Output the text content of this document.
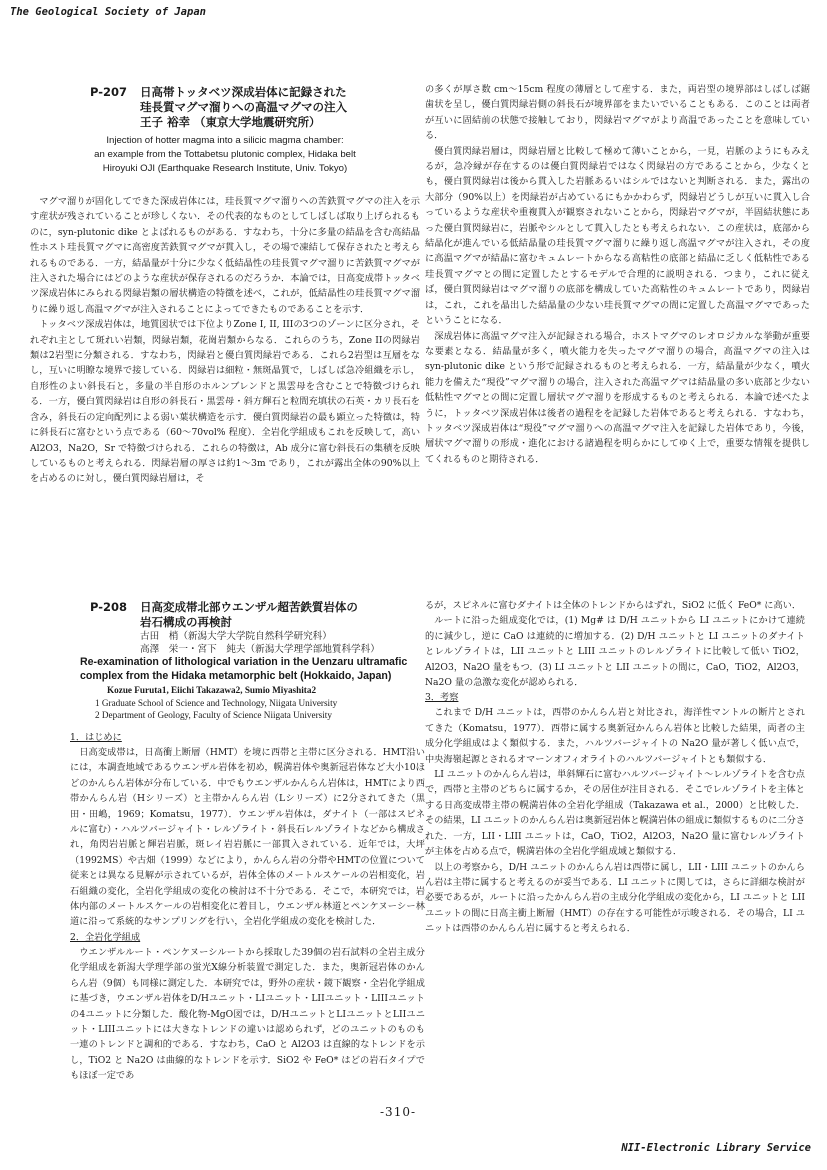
The Geological Society of Japan

P-207 日高帯トッタベツ深成岩体に記録された

珪長質マグマ溜りへの高温マグマの注入

王子 裕幸 （東京大学地震研究所）

Injection of hotter magma into a silicic magma chamber:

an example from the Tottabetsu plutonic complex, Hidaka belt

Hiroyuki OJI (Earthquake Research Institute, Univ. Tokyo)

マグマ溜りが固化してできた深成岩体には，珪長質マグマ溜りへの苦鉄質マグマの注入を示す産状が残されていることが珍しくない．その代表的なものとしてしばしば取り上げられるものに，syn-plutonic dike とよばれるものがある．すなわち，十分に多量の結晶を含む高結晶性ホスト珪長質マグマに高密度苦鉄質マグマが貫入し，その場で凍結して保存されたと考えられるものである．一方，結晶量が十分に少なく低結晶性の珪長質マグマ溜りに苦鉄質マグマが注入された場合にはどのような産状が保存されるのだろうか．本論では，日高変成帯トッタベツ深成岩体にみられる閃緑岩類の層状構造の特徴を述べ，これが，低結晶性の珪長質マグマ溜りに繰り返し高温マグマが注入されることによってできたものであることを示す．

トッタベツ深成岩体は，地質図状では下位よりZone I, II, IIIの3つのゾーンに区分され，それぞれ主として斑れい岩類，閃緑岩類，花崗岩類からなる．これらのうち，Zone IIの閃緑岩類は2岩型に分類される．すなわち，閃緑岩と優白質閃緑岩である．これら2岩型は互層をなし，互いに明瞭な境界で接している．閃緑岩は細粒・無斑晶質で，しばしば急冷組織を示し，自形性のよい斜長石と，多量の半自形のホルンブレンドと黒雲母を含むことで特徴づけられる．一方，優白質閃緑岩は自形の斜長石・黒雲母・斜方輝石と粒間充填状の石英・カリ長石を含み，斜長石の定向配列による弱い葉状構造を示す．優白質閃緑岩の最も顕立った特徴は，特に斜長石に富むという点である（60〜70vol% 程度）．全岩化学組成もこれを反映して，高い Al2O3，Na2O，Sr で特徴づけられる．これらの特徴は，Ab 成分に富む斜長石の集積を反映しているものと考えられる．閃緑岩層の厚さは約1〜3m であり，これが露出全体の90%以上を占めるのに対し，優白質閃緑岩層は，そ

の多くが厚さ数 cm〜15cm 程度の薄層として産する．また，両岩型の境界部はしばしば鋸歯状を呈し，優白質閃緑岩側の斜長石が境界部をまたいでいることもある．このことは両者が互いに固結前の状態で接触しており，閃緑岩マグマがより高温であったことを意味している．

優白質閃緑岩層は，閃緑岩層と比較して極めて薄いことから，一見，岩脈のようにもみえるが，急冷縁が存在するのは優白質閃緑岩ではなく閃緑岩の方であることから，少なくとも，優白質閃緑岩は後から貫入した岩脈あるいはシルではないと判断される．また，露出の大部分（90%以上）を閃緑岩が占めているにもかかわらず，閃緑岩どうしが互いに貫入し合っているような産状や重複貫入が観察されないことから，閃緑岩マグマが，半固結状態にあった優白質閃緑岩に，岩脈やシルとして貫入したとも考えられない．この産状は，底部から結晶化が進んでいる低結晶量の珪長質マグマ溜りに繰り返し高温マグマが注入され，その度に高温マグマが結晶に富むキュムレートからなる高粘性の底部と結晶に乏しく低粘性である珪長質マグマとの間に定置したとするモデルで合理的に説明される．つまり，これに従えば，優白質閃緑岩はマグマ溜りの底部を構成していた高粘性のキュムレートであり，閃緑岩は，これ，これを晶出した結晶量の少ない珪長質マグマの間に定置した高温マグマであったということになる．

深成岩体に高温マグマ注入が記録される場合，ホストマグマのレオロジカルな挙動が重要な要素となる．結晶量が多く，噴火能力を失ったマグマ溜りの場合，高温マグマの注入は syn-plutonic dike という形で記録されるものと考えられる．一方，結晶量が少なく，噴火能力を備えた“現役”マグマ溜りの場合，注入された高温マグマは結晶量の多い底部と少ない低粘性マグマとの間に定置し層状マグマ溜りを形成するものと考えられる．本論で述べたように，トッタベツ深成岩体は後者の過程をを記録した岩体であると考えられる．すなわち，トッタベツ深成岩体は“現役”マグマ溜りへの高温マグマ注入を記録した岩体であり，今後，層状マグマ溜りの形成・進化における諸過程を明らかにしてゆく上で，重要な情報を提供してくれるものと期待される．

P-208 日高変成帯北部ウエンザル超苦鉄質岩体の

岩石構成の再検討

古田　梢（新潟大学大学院自然科学研究科）

高澤　栄一・宮下　純夫（新潟大学理学部地質科学科）

Re-examination of lithological variation in the Uenzaru ultramafic

complex from the Hidaka metamorphic belt (Hokkaido, Japan)

Kozue Furuta1, Eiichi Takazawa2, Sumio Miyashita2

1 Graduate School of Science and Technology, Niigata University

2 Department of Geology, Faculty of Science Niigata University

1．はじめに

日高変成帯は，日高衝上断層（HMT）を境に西帯と主帯に区分される．HMT沿いには，本調査地域であるウエンザル岩体を初め，幌満岩体や奥新冠岩体など大小10ほどのかんらん岩体が分布している．中でもウエンザルかんらん岩体は，HMTにより西帯かんらん岩（Hシリーズ）と主帯かんらん岩（Lシリーズ）に2分されてきた（黒田・田嶋，1969；Komatsu，1977）．ウエンザル岩体は，ダナイト（一部はスピネルに富む）・ハルツバージャイト・レルゾライト・斜長石レルゾライトなどから構成され，角閃岩岩脈と輝岩岩脈，斑レイ岩岩脈に一部貫入されている．近年では，大坪（1992MS）や古畑（1999）などにより，かんらん岩の分帯やHMTの位置について従来とは異なる見解が示されているが，岩体全体のメートルスケールの岩相変化，岩石組織の変化，全岩化学組成の変化の検討は不十分である．そこで，本研究では，岩体内部のメートルスケールの岩相変化に着目し，ウエンザル林道とペンケヌーシー林道に沿って系統的なサンプリングを行い，全岩化学組成の変化を検討した．

2．全岩化学組成

ウエンザルルート・ペンケヌーシルートから採取した39個の岩石試料の全岩主成分化学組成を新潟大学理学部の蛍光X線分析装置で測定した．また，奥新冠岩体のかんらん岩（9個）も同様に測定した．本研究では，野外の産状・鏡下観察・全岩化学組成に基づき，ウエンザル岩体をD/Hユニット・LIユニット・LIIユニット・LIIIユニットの4ユニットに分類した．酸化物-MgO図では，D/HユニットとLIユニットとLIIユニット・LIIIユニットには大きなトレンドの違いは認められず，どのユニットのものも一連のトレンドと調和的である．すなわち，CaO と Al2O3 は直線的なトレンドを示し，TiO2 と Na2O は曲線的なトレンドを示す．SiO2 や FeO* はどの岩石タイプでもほぼ一定であ

るが，スピネルに富むダナイトは全体のトレンドからはずれ，SiO2 に低く FeO* に高い．

ルートに沿った組成変化では，(1) Mg# は D/H ユニットから LI ユニットにかけて連続的に減少し，逆に CaO は連続的に増加する．(2) D/H ユニットと LI ユニットのダナイトとレルゾライトは，LII ユニットと LIII ユニットのレルゾライトに比較して低い TiO2，Al2O3，Na2O 量をもつ．(3) LI ユニットと LII ユニットの間に，CaO，TiO2，Al2O3，Na2O 量の急激な変化が認められる．

3．考察

これまで D/H ユニットは，西帯のかんらん岩と対比され，海洋性マントルの断片とされてきた（Komatsu，1977）．西帯に属する奥新冠かんらん岩体と比較した結果，両者の主成分化学組成はよく類似する．また，ハルツバージャイトの Na2O 量が著しく低い点で，中央海嶺起源とされるオマーンオフィオライトのハルツバージャイトとも類似する．

LI ユニットのかんらん岩は，単斜輝石に富むハルツバージャイト〜レルゾライトを含む点で，西帯と主帯のどちらに属するか，その居住が注目される．そこでレルゾライトを主体とする日高変成帯主帯の幌満岩体の全岩化学組成（Takazawa et al.，2000）と比較した．その結果，LI ユニットのかんらん岩は奥新冠岩体と幌満岩体の組成に類似するものに二分された．一方，LII・LIII ユニットは，CaO，TiO2，Al2O3，Na2O 量に富むレルゾライトが主体を占める点で，幌満岩体の全岩化学組成域と類似する．

以上の考察から，D/H ユニットのかんらん岩は西帯に属し，LII・LIII ユニットのかんらん岩は主帯に属すると考えるのが妥当である．LI ユニットに関しては，さらに詳細な検討が必要であるが，ルートに沿ったかんらん岩の主成分化学組成の変化から，LI ユニットと LII ユニットの間に日高主衝上断層（HMT）の存在する可能性が示唆される．その場合，LI ユニットは西帯のかんらん岩に属すると考えられる．

-310-
NII-Electronic Library Service
